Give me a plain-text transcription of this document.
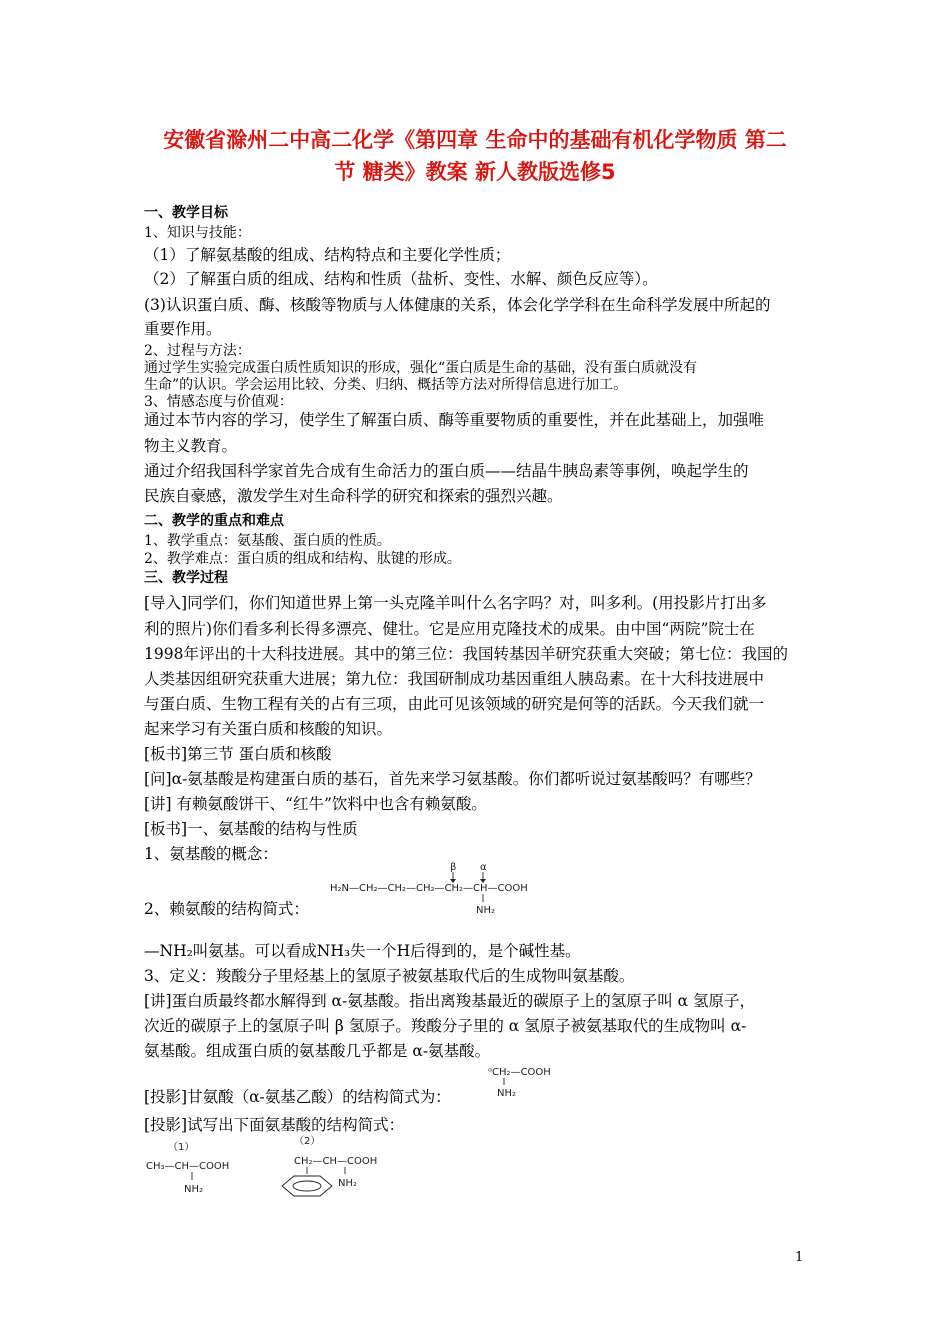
安徽省滁州二中高二化学《第四章 生命中的基础有机化学物质 第二
节 糖类》教案 新人教版选修5
一、教学目标
1、知识与技能：
（1）了解氨基酸的组成、结构特点和主要化学性质；
（2）了解蛋白质的组成、结构和性质（盐析、变性、水解、颜色反应等）。
(3)认识蛋白质、酶、核酸等物质与人体健康的关系，体会化学学科在生命科学发展中所起的
重要作用。
2、过程与方法：
通过学生实验完成蛋白质性质知识的形成，强化“蛋白质是生命的基础，没有蛋白质就没有
生命”的认识。学会运用比较、分类、归纳、概括等方法对所得信息进行加工。
3、情感态度与价值观：
通过本节内容的学习，使学生了解蛋白质、酶等重要物质的重要性，并在此基础上，加强唯
物主义教育。
通过介绍我国科学家首先合成有生命活力的蛋白质——结晶牛胰岛素等事例，唤起学生的
民族自豪感，激发学生对生命科学的研究和探索的强烈兴趣。
二、教学的重点和难点
1、教学重点：氨基酸、蛋白质的性质。
2、教学难点：蛋白质的组成和结构、肽键的形成。
三、教学过程
[导入]同学们，你们知道世界上第一头克隆羊叫什么名字吗？对，叫多利。(用投影片打出多
利的照片)你们看多利长得多漂亮、健壮。它是应用克隆技术的成果。由中国“两院”院士在
1998年评出的十大科技进展。其中的第三位：我国转基因羊研究获重大突破；第七位：我国的
人类基因组研究获重大进展；第九位：我国研制成功基因重组人胰岛素。在十大科技进展中
与蛋白质、生物工程有关的占有三项，由此可见该领域的研究是何等的活跃。今天我们就一
起来学习有关蛋白质和核酸的知识。
[板书]第三节 蛋白质和核酸
[问]α-氨基酸是构建蛋白质的基石，首先来学习氨基酸。你们都听说过氨基酸吗？有哪些？
[讲] 有赖氨酸饼干、“红牛”饮料中也含有赖氨酸。
[板书]一、氨基酸的结构与性质
1、氨基酸的概念：
β α
H₂N—CH₂—CH₂—CH₂—CH₂—CH—COOH
NH₂
2、赖氨酸的结构简式：
—NH₂叫氨基。可以看成NH₃失一个H后得到的，是个碱性基。
3、定义：羧酸分子里烃基上的氢原子被氨基取代后的生成物叫氨基酸。
[讲]蛋白质最终都水解得到 α-氨基酸。指出离羧基最近的碳原子上的氢原子叫 α 氢原子，
次近的碳原子上的氢原子叫 β 氢原子。羧酸分子里的 α 氢原子被氨基取代的生成物叫 α-
氨基酸。组成蛋白质的氨基酸几乎都是 α-氨基酸。
ᵅCH₂—COOH
NH₂
[投影]甘氨酸（α-氨基乙酸）的结构简式为：
[投影]试写出下面氨基酸的结构简式：
（1）
CH₃—CH—COOH
NH₂
（2）
CH₂—CH—COOH
NH₂
1
